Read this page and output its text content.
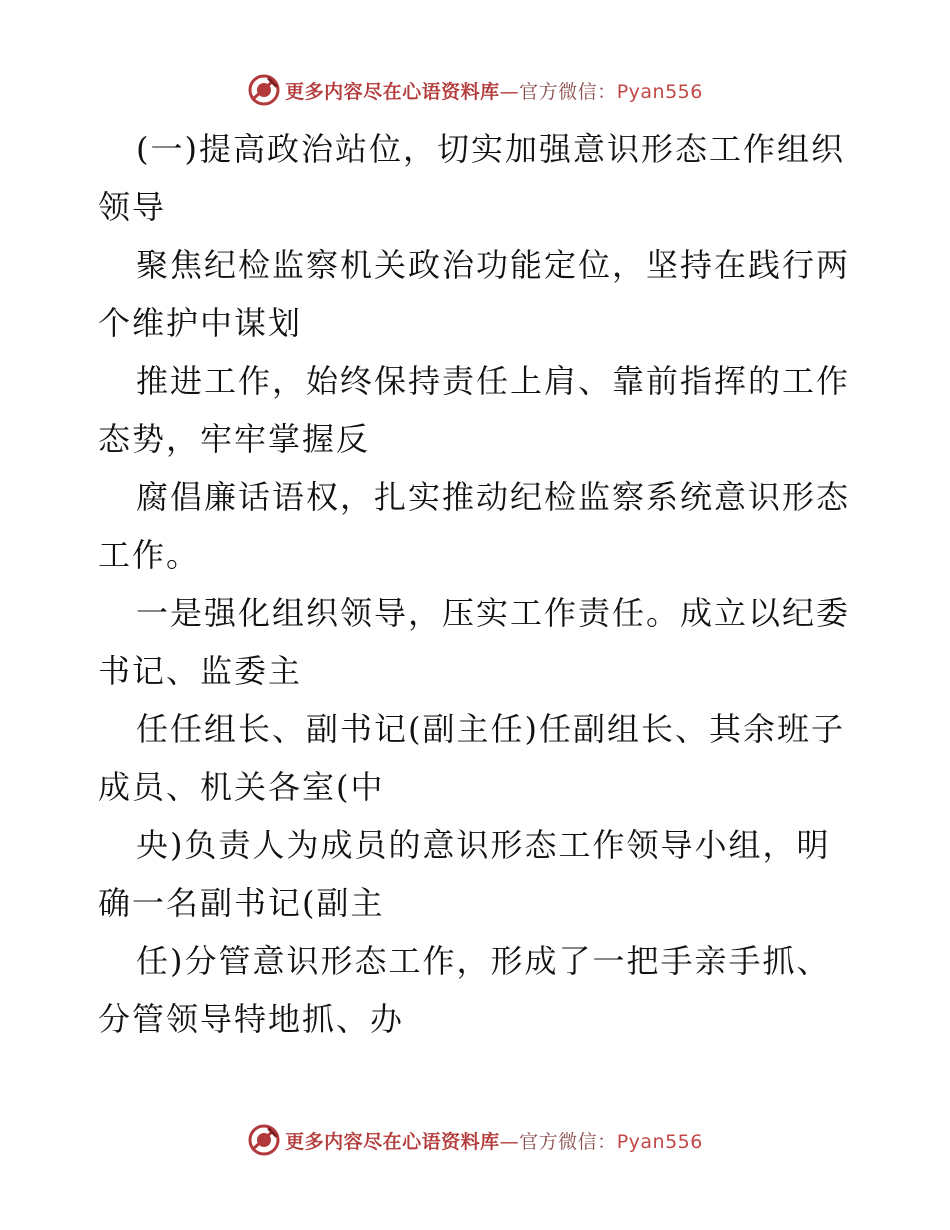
更多内容尽在心语资料库—官方微信：Pyan556
(一)提高政治站位，切实加强意识形态工作组织
领导
聚焦纪检监察机关政治功能定位，坚持在践行两
个维护中谋划
推进工作，始终保持责任上肩、靠前指挥的工作
态势，牢牢掌握反
腐倡廉话语权，扎实推动纪检监察系统意识形态
工作。
一是强化组织领导，压实工作责任。成立以纪委
书记、监委主
任任组长、副书记(副主任)任副组长、其余班子
成员、机关各室(中
央)负责人为成员的意识形态工作领导小组，明
确一名副书记(副主
任)分管意识形态工作，形成了一把手亲手抓、
分管领导特地抓、办
更多内容尽在心语资料库—官方微信：Pyan556
